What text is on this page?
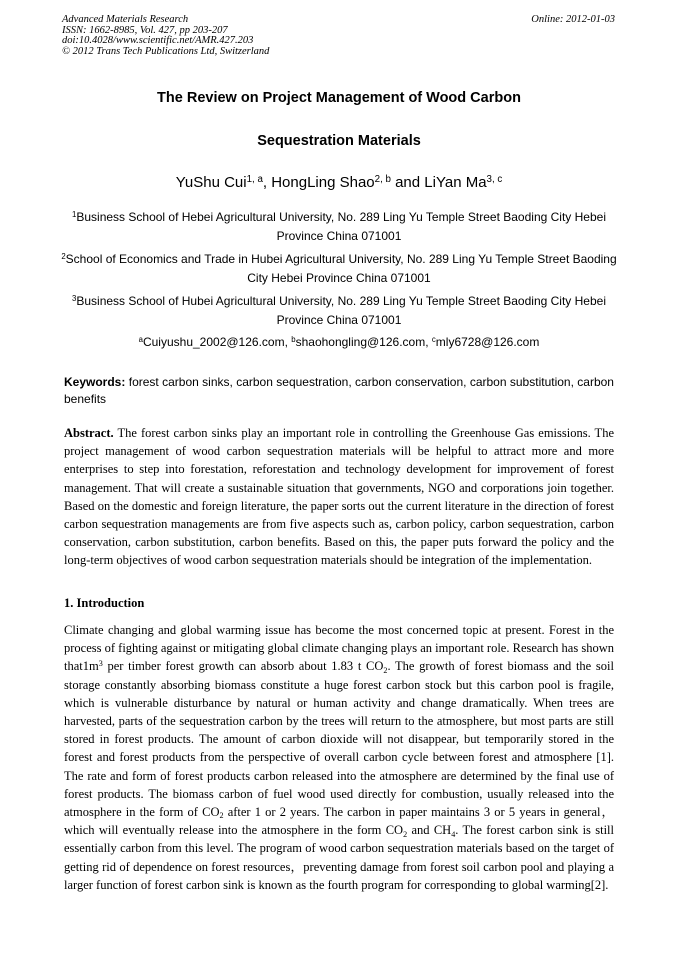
Advanced Materials Research
ISSN: 1662-8985, Vol. 427, pp 203-207
doi:10.4028/www.scientific.net/AMR.427.203
© 2012 Trans Tech Publications Ltd, Switzerland
Online: 2012-01-03
The Review on Project Management of Wood Carbon
Sequestration Materials
YuShu Cui$^{1, a}$, HongLing Shao$^{2, b}$ and LiYan Ma$^{3, c}$
$^1$Business School of Hebei Agricultural University, No. 289 Ling Yu Temple Street Baoding City Hebei Province China 071001
$^2$School of Economics and Trade in Hubei Agricultural University, No. 289 Ling Yu Temple Street Baoding City Hebei Province China 071001
$^3$Business School of Hubei Agricultural University, No. 289 Ling Yu Temple Street Baoding City Hebei Province China 071001
$^a$Cuiyushu_2002@126.com, $^b$shaohongling@126.com, $^c$mly6728@126.com
Keywords: forest carbon sinks, carbon sequestration, carbon conservation, carbon substitution, carbon benefits
Abstract. The forest carbon sinks play an important role in controlling the Greenhouse Gas emissions. The project management of wood carbon sequestration materials will be helpful to attract more and more enterprises to step into forestation, reforestation and technology development for improvement of forest management. That will create a sustainable situation that governments, NGO and corporations join together. Based on the domestic and foreign literature, the paper sorts out the current literature in the direction of forest carbon sequestration managements are from five aspects such as, carbon policy, carbon sequestration, carbon conservation, carbon substitution, carbon benefits. Based on this, the paper puts forward the policy and the long-term objectives of wood carbon sequestration materials should be integration of the implementation.
1. Introduction
Climate changing and global warming issue has become the most concerned topic at present. Forest in the process of fighting against or mitigating global climate changing plays an important role. Research has shown $that1m^3$ per timber forest growth can absorb about 1.83 t $CO_2$. The growth of forest biomass and the soil storage constantly absorbing biomass constitute a huge forest carbon stock but this carbon pool is fragile, which is vulnerable disturbance by natural or human activity and change dramatically. When trees are harvested, parts of the sequestration carbon by the trees will return to the atmosphere, but most parts are still stored in forest products. The amount of carbon dioxide will not disappear, but temporarily stored in the forest and forest products from the perspective of overall carbon cycle between forest and atmosphere [1]. The rate and form of forest products carbon released into the atmosphere are determined by the final use of forest products. The biomass carbon of fuel wood used directly for combustion, usually released into the atmosphere in the form of $CO_2$ after 1 or 2 years. The carbon in paper maintains 3 or 5 years in general，which will eventually release into the atmosphere in the form $CO_2$ and $CH_4$. The forest carbon sink is still essentially carbon from this level. The program of wood carbon sequestration materials based on the target of getting rid of dependence on forest resources，preventing damage from forest soil carbon pool and playing a larger function of forest carbon sink is known as the fourth program for corresponding to global warming[2].
